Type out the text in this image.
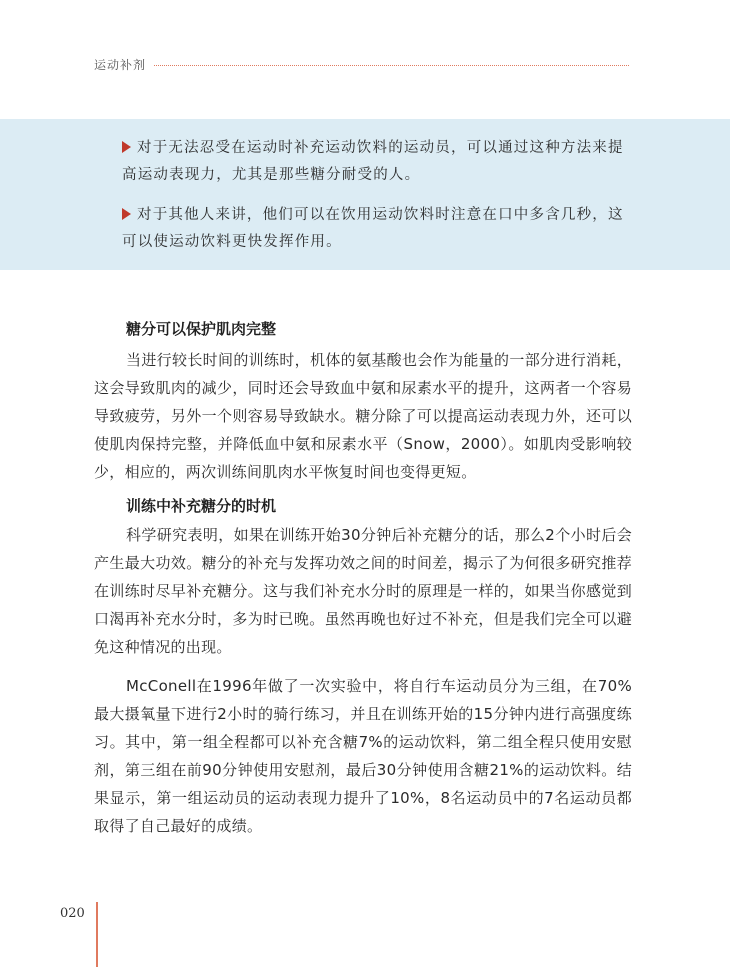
运动补剂
对于无法忍受在运动时补充运动饮料的运动员，可以通过这种方法来提高运动表现力，尤其是那些糖分耐受的人。
对于其他人来讲，他们可以在饮用运动饮料时注意在口中多含几秒，这可以使运动饮料更快发挥作用。
糖分可以保护肌肉完整
当进行较长时间的训练时，机体的氨基酸也会作为能量的一部分进行消耗，这会导致肌肉的减少，同时还会导致血中氨和尿素水平的提升，这两者一个容易导致疲劳，另外一个则容易导致缺水。糖分除了可以提高运动表现力外，还可以使肌肉保持完整，并降低血中氨和尿素水平（Snow，2000）。如肌肉受影响较少，相应的，两次训练间肌肉水平恢复时间也变得更短。
训练中补充糖分的时机
科学研究表明，如果在训练开始30分钟后补充糖分的话，那么2个小时后会产生最大功效。糖分的补充与发挥功效之间的时间差，揭示了为何很多研究推荐在训练时尽早补充糖分。这与我们补充水分时的原理是一样的，如果当你感觉到口渴再补充水分时，多为时已晚。虽然再晚也好过不补充，但是我们完全可以避免这种情况的出现。
McConell在1996年做了一次实验中，将自行车运动员分为三组，在70%最大摄氧量下进行2小时的骑行练习，并且在训练开始的15分钟内进行高强度练习。其中，第一组全程都可以补充含糖7%的运动饮料，第二组全程只使用安慰剂，第三组在前90分钟使用安慰剂，最后30分钟使用含糖21%的运动饮料。结果显示，第一组运动员的运动表现力提升了10%，8名运动员中的7名运动员都取得了自己最好的成绩。
020
